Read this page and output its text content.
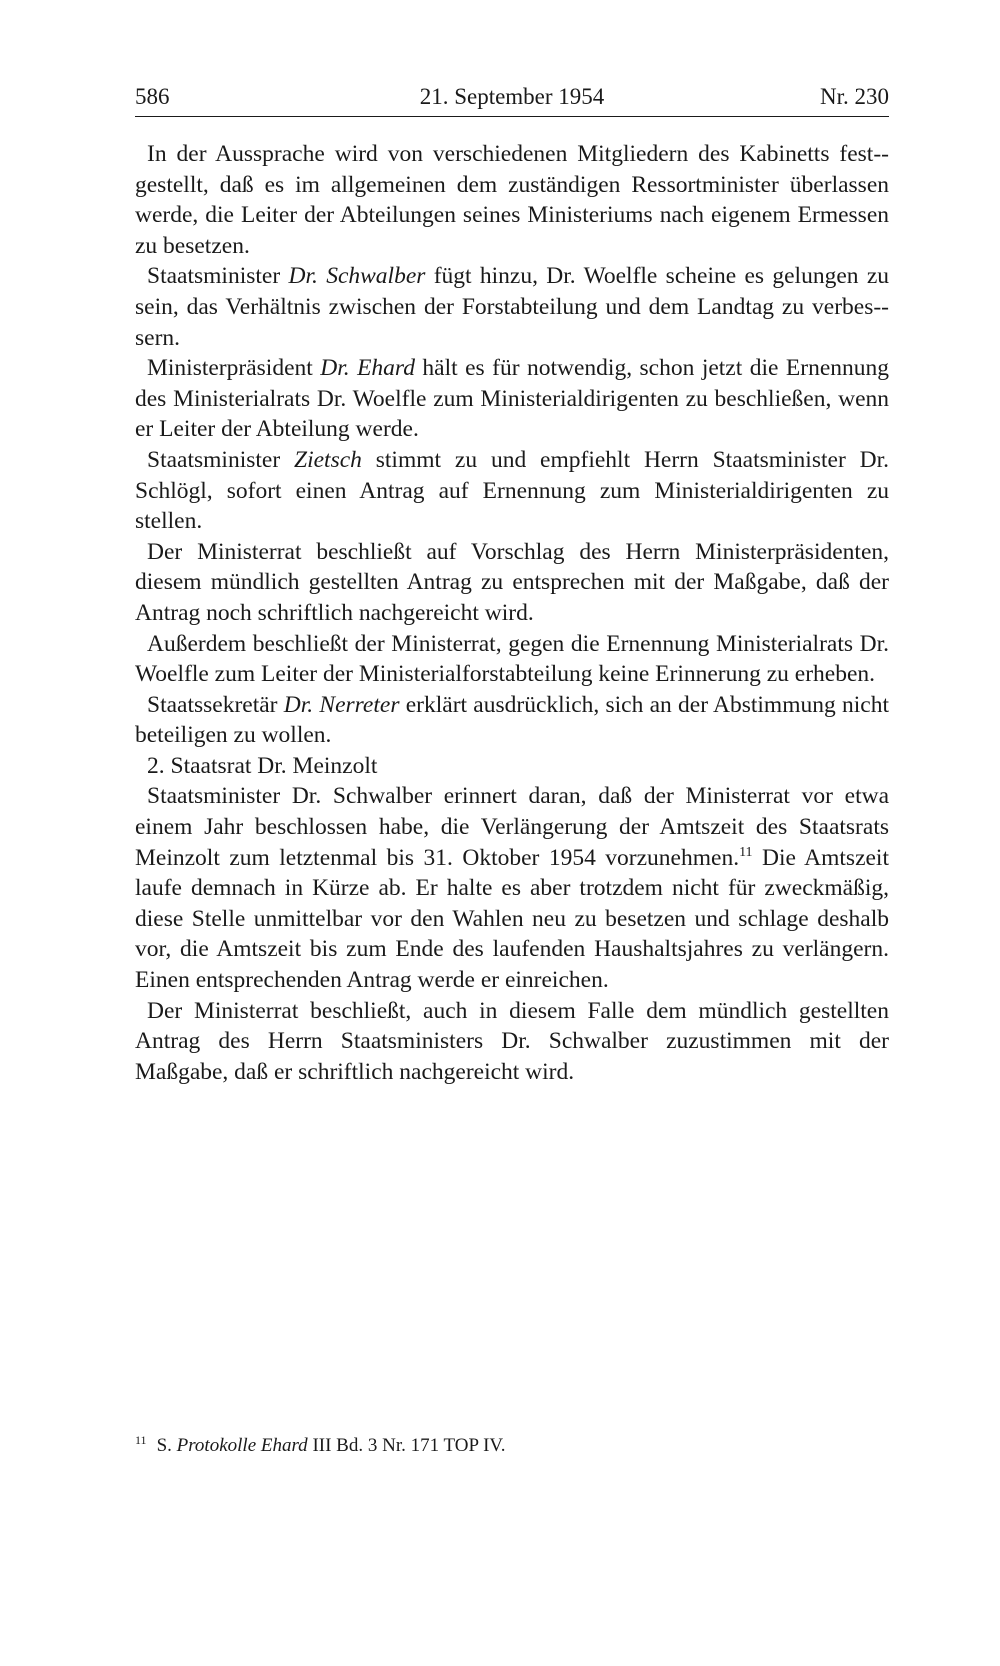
586	21. September 1954	Nr. 230

In der Aussprache wird von verschiedenen Mitgliedern des Kabinetts fest-gestellt, daß es im allgemeinen dem zuständigen Ressortminister überlassen werde, die Leiter der Abteilungen seines Ministeriums nach eigenem Ermessen zu besetzen.

Staatsminister Dr. Schwalber fügt hinzu, Dr. Woelfle scheine es gelungen zu sein, das Verhältnis zwischen der Forstabteilung und dem Landtag zu verbes-sern.

Ministerpräsident Dr. Ehard hält es für notwendig, schon jetzt die Ernennung des Ministerialrats Dr. Woelfle zum Ministerialdirigenten zu beschließen, wenn er Leiter der Abteilung werde.

Staatsminister Zietsch stimmt zu und empfiehlt Herrn Staatsminister Dr. Schlögl, sofort einen Antrag auf Ernennung zum Ministerialdirigenten zu stellen.

Der Ministerrat beschließt auf Vorschlag des Herrn Ministerpräsidenten, diesem mündlich gestellten Antrag zu entsprechen mit der Maßgabe, daß der Antrag noch schriftlich nachgereicht wird.

Außerdem beschließt der Ministerrat, gegen die Ernennung Ministerialrats Dr. Woelfle zum Leiter der Ministerialforstabteilung keine Erinnerung zu erheben.

Staatssekretär Dr. Nerreter erklärt ausdrücklich, sich an der Abstimmung nicht beteiligen zu wollen.

2. Staatsrat Dr. Meinzolt

Staatsminister Dr. Schwalber erinnert daran, daß der Ministerrat vor etwa einem Jahr beschlossen habe, die Verlängerung der Amtszeit des Staatsrats Meinzolt zum letztenmal bis 31. Oktober 1954 vorzunehmen.$^{11}$ Die Amtszeit laufe demnach in Kürze ab. Er halte es aber trotzdem nicht für zweckmäßig, diese Stelle unmittelbar vor den Wahlen neu zu besetzen und schlage deshalb vor, die Amtszeit bis zum Ende des laufenden Haushaltsjahres zu verlängern. Einen entsprechenden Antrag werde er einreichen.

Der Ministerrat beschließt, auch in diesem Falle dem mündlich gestellten Antrag des Herrn Staatsministers Dr. Schwalber zuzustimmen mit der Maßgabe, daß er schriftlich nachgereicht wird.

$^{11}$ S. Protokolle Ehard III Bd. 3 Nr. 171 TOP IV.
